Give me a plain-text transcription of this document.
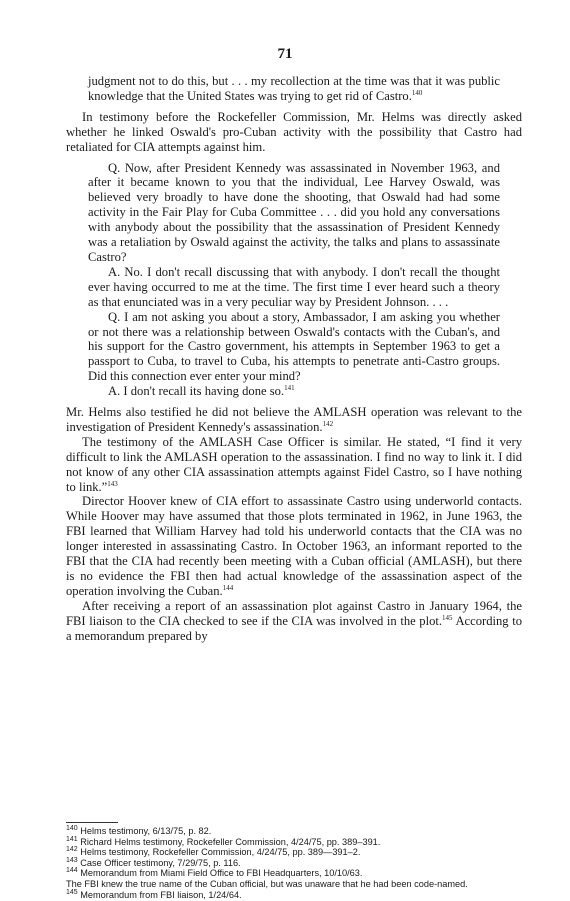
71

judgment not to do this, but . . . my recollection at the time was that it was public knowledge that the United States was trying to get rid of Castro.$^{140}$

In testimony before the Rockefeller Commission, Mr. Helms was directly asked whether he linked Oswald's pro-Cuban activity with the possibility that Castro had retaliated for CIA attempts against him.

Q. Now, after President Kennedy was assassinated in November 1963, and after it became known to you that the individual, Lee Harvey Oswald, was believed very broadly to have done the shooting, that Oswald had had some activity in the Fair Play for Cuba Committee . . . did you hold any conversations with anybody about the possibility that the assassination of President Kennedy was a retaliation by Oswald against the activity, the talks and plans to assassinate Castro?

A. No. I don't recall discussing that with anybody. I don't recall the thought ever having occurred to me at the time. The first time I ever heard such a theory as that enunciated was in a very peculiar way by President Johnson. . . .

Q. I am not asking you about a story, Ambassador, I am asking you whether or not there was a relationship between Oswald's contacts with the Cuban's, and his support for the Castro government, his attempts in September 1963 to get a passport to Cuba, to travel to Cuba, his attempts to penetrate anti-Castro groups. Did this connection ever enter your mind?

A. I don't recall its having done so.$^{141}$

Mr. Helms also testified he did not believe the AMLASH operation was relevant to the investigation of President Kennedy's assassination.$^{142}$

The testimony of the AMLASH Case Officer is similar. He stated, “I find it very difficult to link the AMLASH operation to the assassination. I find no way to link it. I did not know of any other CIA assassination attempts against Fidel Castro, so I have nothing to link.”$^{143}$

Director Hoover knew of CIA effort to assassinate Castro using underworld contacts. While Hoover may have assumed that those plots terminated in 1962, in June 1963, the FBI learned that William Harvey had told his underworld contacts that the CIA was no longer interested in assassinating Castro. In October 1963, an informant reported to the FBI that the CIA had recently been meeting with a Cuban official (AMLASH), but there is no evidence the FBI then had actual knowledge of the assassination aspect of the operation involving the Cuban.$^{144}$

After receiving a report of an assassination plot against Castro in January 1964, the FBI liaison to the CIA checked to see if the CIA was involved in the plot.$^{145}$ According to a memorandum prepared by

$^{140}$ Helms testimony, 6/13/75, p. 82.
$^{141}$ Richard Helms testimony, Rockefeller Commission, 4/24/75, pp. 389–391.
$^{142}$ Helms testimony, Rockefeller Commission, 4/24/75, pp. 389—391–2.
$^{143}$ Case Officer testimony, 7/29/75, p. 116.
$^{144}$ Memorandum from Miami Field Office to FBI Headquarters, 10/10/63.
The FBI knew the true name of the Cuban official, but was unaware that he had been code-named.
$^{145}$ Memorandum from FBI liaison, 1/24/64.
